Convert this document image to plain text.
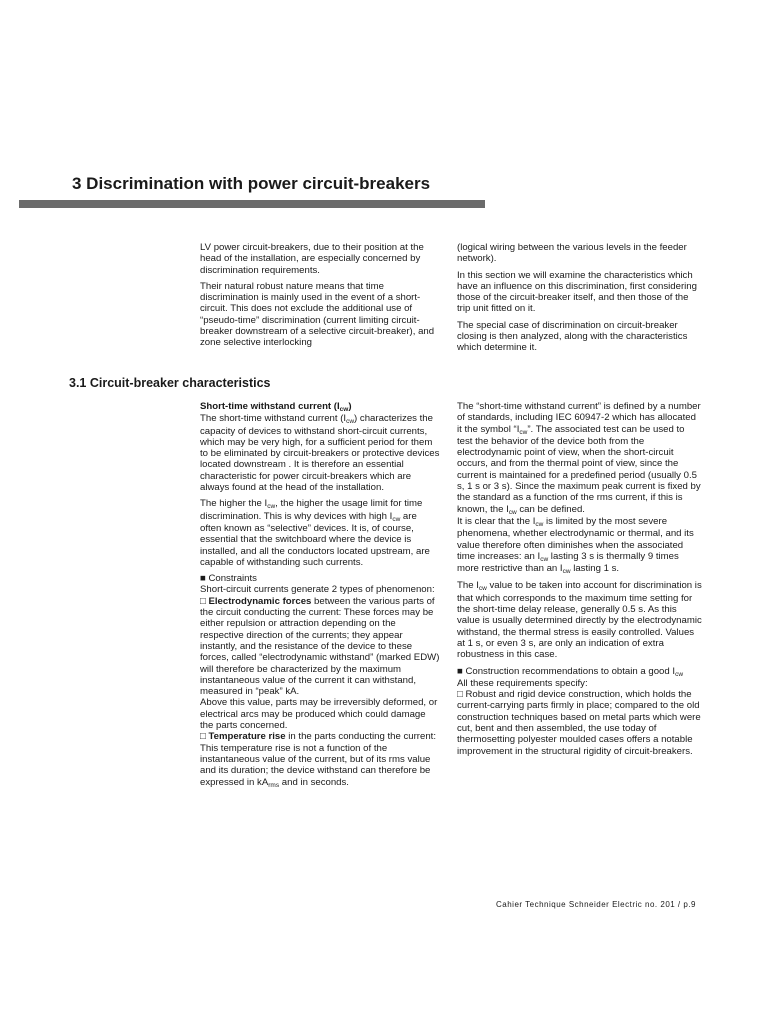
3 Discrimination with power circuit-breakers

LV power circuit-breakers, due to their position at the head of the installation, are especially concerned by discrimination requirements.

Their natural robust nature means that time discrimination is mainly used in the event of a short-circuit. This does not exclude the additional use of “pseudo-time” discrimination (current limiting circuit-breaker downstream of a selective circuit-breaker), and zone selective interlocking

(logical wiring between the various levels in the feeder network).

In this section we will examine the characteristics which have an influence on this discrimination, first considering those of the circuit-breaker itself, and then those of the trip unit fitted on it.

The special case of discrimination on circuit-breaker closing is then analyzed, along with the characteristics which determine it.

3.1 Circuit-breaker characteristics

Short-time withstand current $(I_{cw})$

The short-time withstand current $(I_{cw})$ characterizes the capacity of devices to withstand short-circuit currents, which may be very high, for a sufficient period for them to be eliminated by circuit-breakers or protective devices located downstream . It is therefore an essential characteristic for power circuit-breakers which are always found at the head of the installation.

The higher the $I_{cw}$, the higher the usage limit for time discrimination. This is why devices with high $I_{cw}$ are often known as “selective” devices. It is, of course, essential that the switchboard where the device is installed, and all the conductors located upstream, are capable of withstanding such currents.

■ Constraints

Short-circuit currents generate 2 types of phenomenon:

□ Electrodynamic forces between the various parts of the circuit conducting the current: These forces may be either repulsion or attraction depending on the respective direction of the currents; they appear instantly, and the resistance of the device to these forces, called “electrodynamic withstand” (marked EDW) will therefore be characterized by the maximum instantaneous value of the current it can withstand, measured in “peak” kA.

Above this value, parts may be irreversibly deformed, or electrical arcs may be produced which could damage the parts concerned.

□ Temperature rise in the parts conducting the current:

This temperature rise is not a function of the instantaneous value of the current, but of its rms value and its duration; the device withstand can therefore be expressed in $kA_{rms}$ and in seconds.

The “short-time withstand current” is defined by a number of standards, including IEC 60947-2 which has allocated it the symbol “$I_{cw}$”. The associated test can be used to test the behavior of the device both from the electrodynamic point of view, when the short-circuit occurs, and from the thermal point of view, since the current is maintained for a predefined period (usually 0.5 s, 1 s or 3 s). Since the maximum peak current is fixed by the standard as a function of the rms current, if this is known, the $I_{cw}$ can be defined.

It is clear that the $I_{cw}$ is limited by the most severe phenomena, whether electrodynamic or thermal, and its value therefore often diminishes when the associated time increases: an $I_{cw}$ lasting 3 s is thermally 9 times more restrictive than an $I_{cw}$ lasting 1 s.

The $I_{cw}$ value to be taken into account for discrimination is that which corresponds to the maximum time setting for the short-time delay release, generally 0.5 s. As this value is usually determined directly by the electrodynamic withstand, the thermal stress is easily controlled. Values at 1 s, or even 3 s, are only an indication of extra robustness in this case.

■ Construction recommendations to obtain a good $I_{cw}$

All these requirements specify:

□ Robust and rigid device construction, which holds the current-carrying parts firmly in place; compared to the old construction techniques based on metal parts which were cut, bent and then assembled, the use today of thermosetting polyester moulded cases offers a notable improvement in the structural rigidity of circuit-breakers.

Cahier Technique Schneider Electric no. 201 / p.9
